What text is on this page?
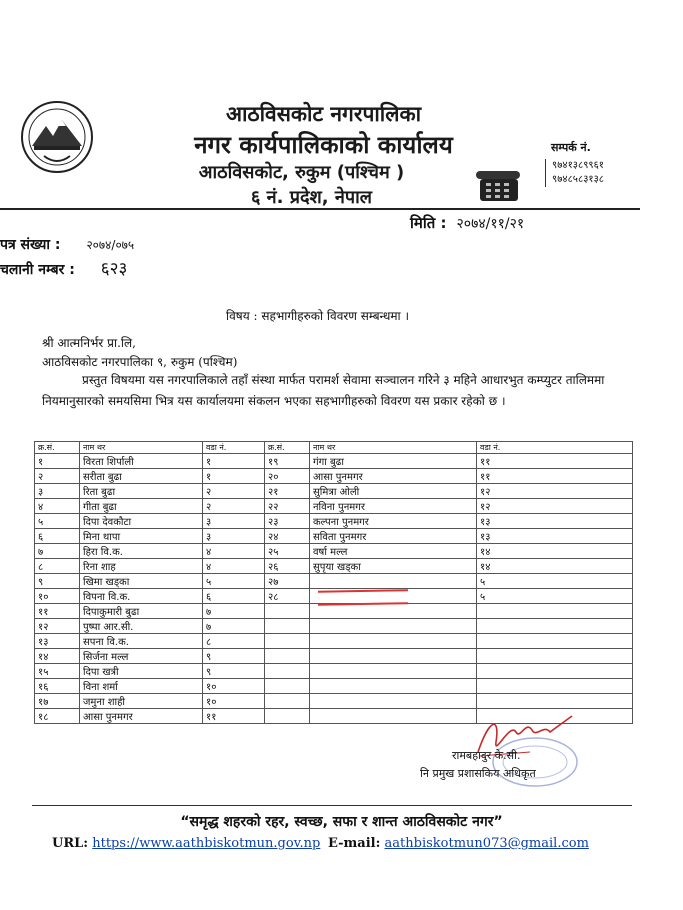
आठविसकोट नगरपालिका
नगर कार्यपालिकाको कार्यालय
आठविसकोट, रुकुम (पश्चिम )
६ नं. प्रदेश, नेपाल
सम्पर्क नं.
९७४१३८९९६१
९७४८५८३१३८
मिति : २०७४/११/२१
पत्र संख्या : २०७४/०७५
चलानी नम्बर : ६२३
विषय : सहभागीहरुको विवरण सम्बन्धमा ।
श्री आत्मनिर्भर प्रा.लि,
आठविसकोट नगरपालिका ९, रुकुम (पश्चिम)
प्रस्तुत विषयमा यस नगरपालिकाले तहाँ संस्था मार्फत परामर्श सेवामा सञ्चालन गरिने ३ महिने आधारभुत कम्प्युटर तालिममा नियमानुसारको समयसिमा भित्र यस कार्यालयमा संकलन भएका सहभागीहरुको विवरण यस प्रकार रहेको छ ।
क्र.सं.	नाम थर	वडा नं.	क्र.सं.	नाम थर	वडा नं.
१	विरता शिर्पाली	१	१९	गंगा बुढा	११
२	सरीता बुढा	१	२०	आसा पुनमगर	११
३	रिता बुढा	२	२१	सुमित्रा ओली	१२
४	गीता बुढा	२	२२	नविना पुनमगर	१२
५	दिपा देवकौटा	३	२३	कल्पना पुनमगर	१३
६	मिना थापा	३	२४	सविता पुनमगर	१३
७	हिरा वि.क.	४	२५	वर्षा मल्ल	१४
८	रिना शाह	४	२६	सुपृया खड्का	१४
९	खिमा खड्का	५	२७		५
१०	विपना वि.क.	६	२८		५
११	दिपाकुमारी बुढा	७			
१२	पुष्पा आर.सी.	७			
१३	सपना वि.क.	८			
१४	सिर्जना मल्ल	९			
१५	दिपा खत्री	९			
१६	विना शर्मा	१०			
१७	जमुना शाही	१०			
१८	आसा पुनमगर	११			
रामबहादुर के.सी.
नि प्रमुख प्रशासकिय अधिकृत
“समृद्ध शहरको रहर, स्वच्छ, सफा र शान्त आठविसकोट नगर”
URL: https://www.aathbiskotmun.gov.np E-mail: aathbiskotmun073@gmail.com
